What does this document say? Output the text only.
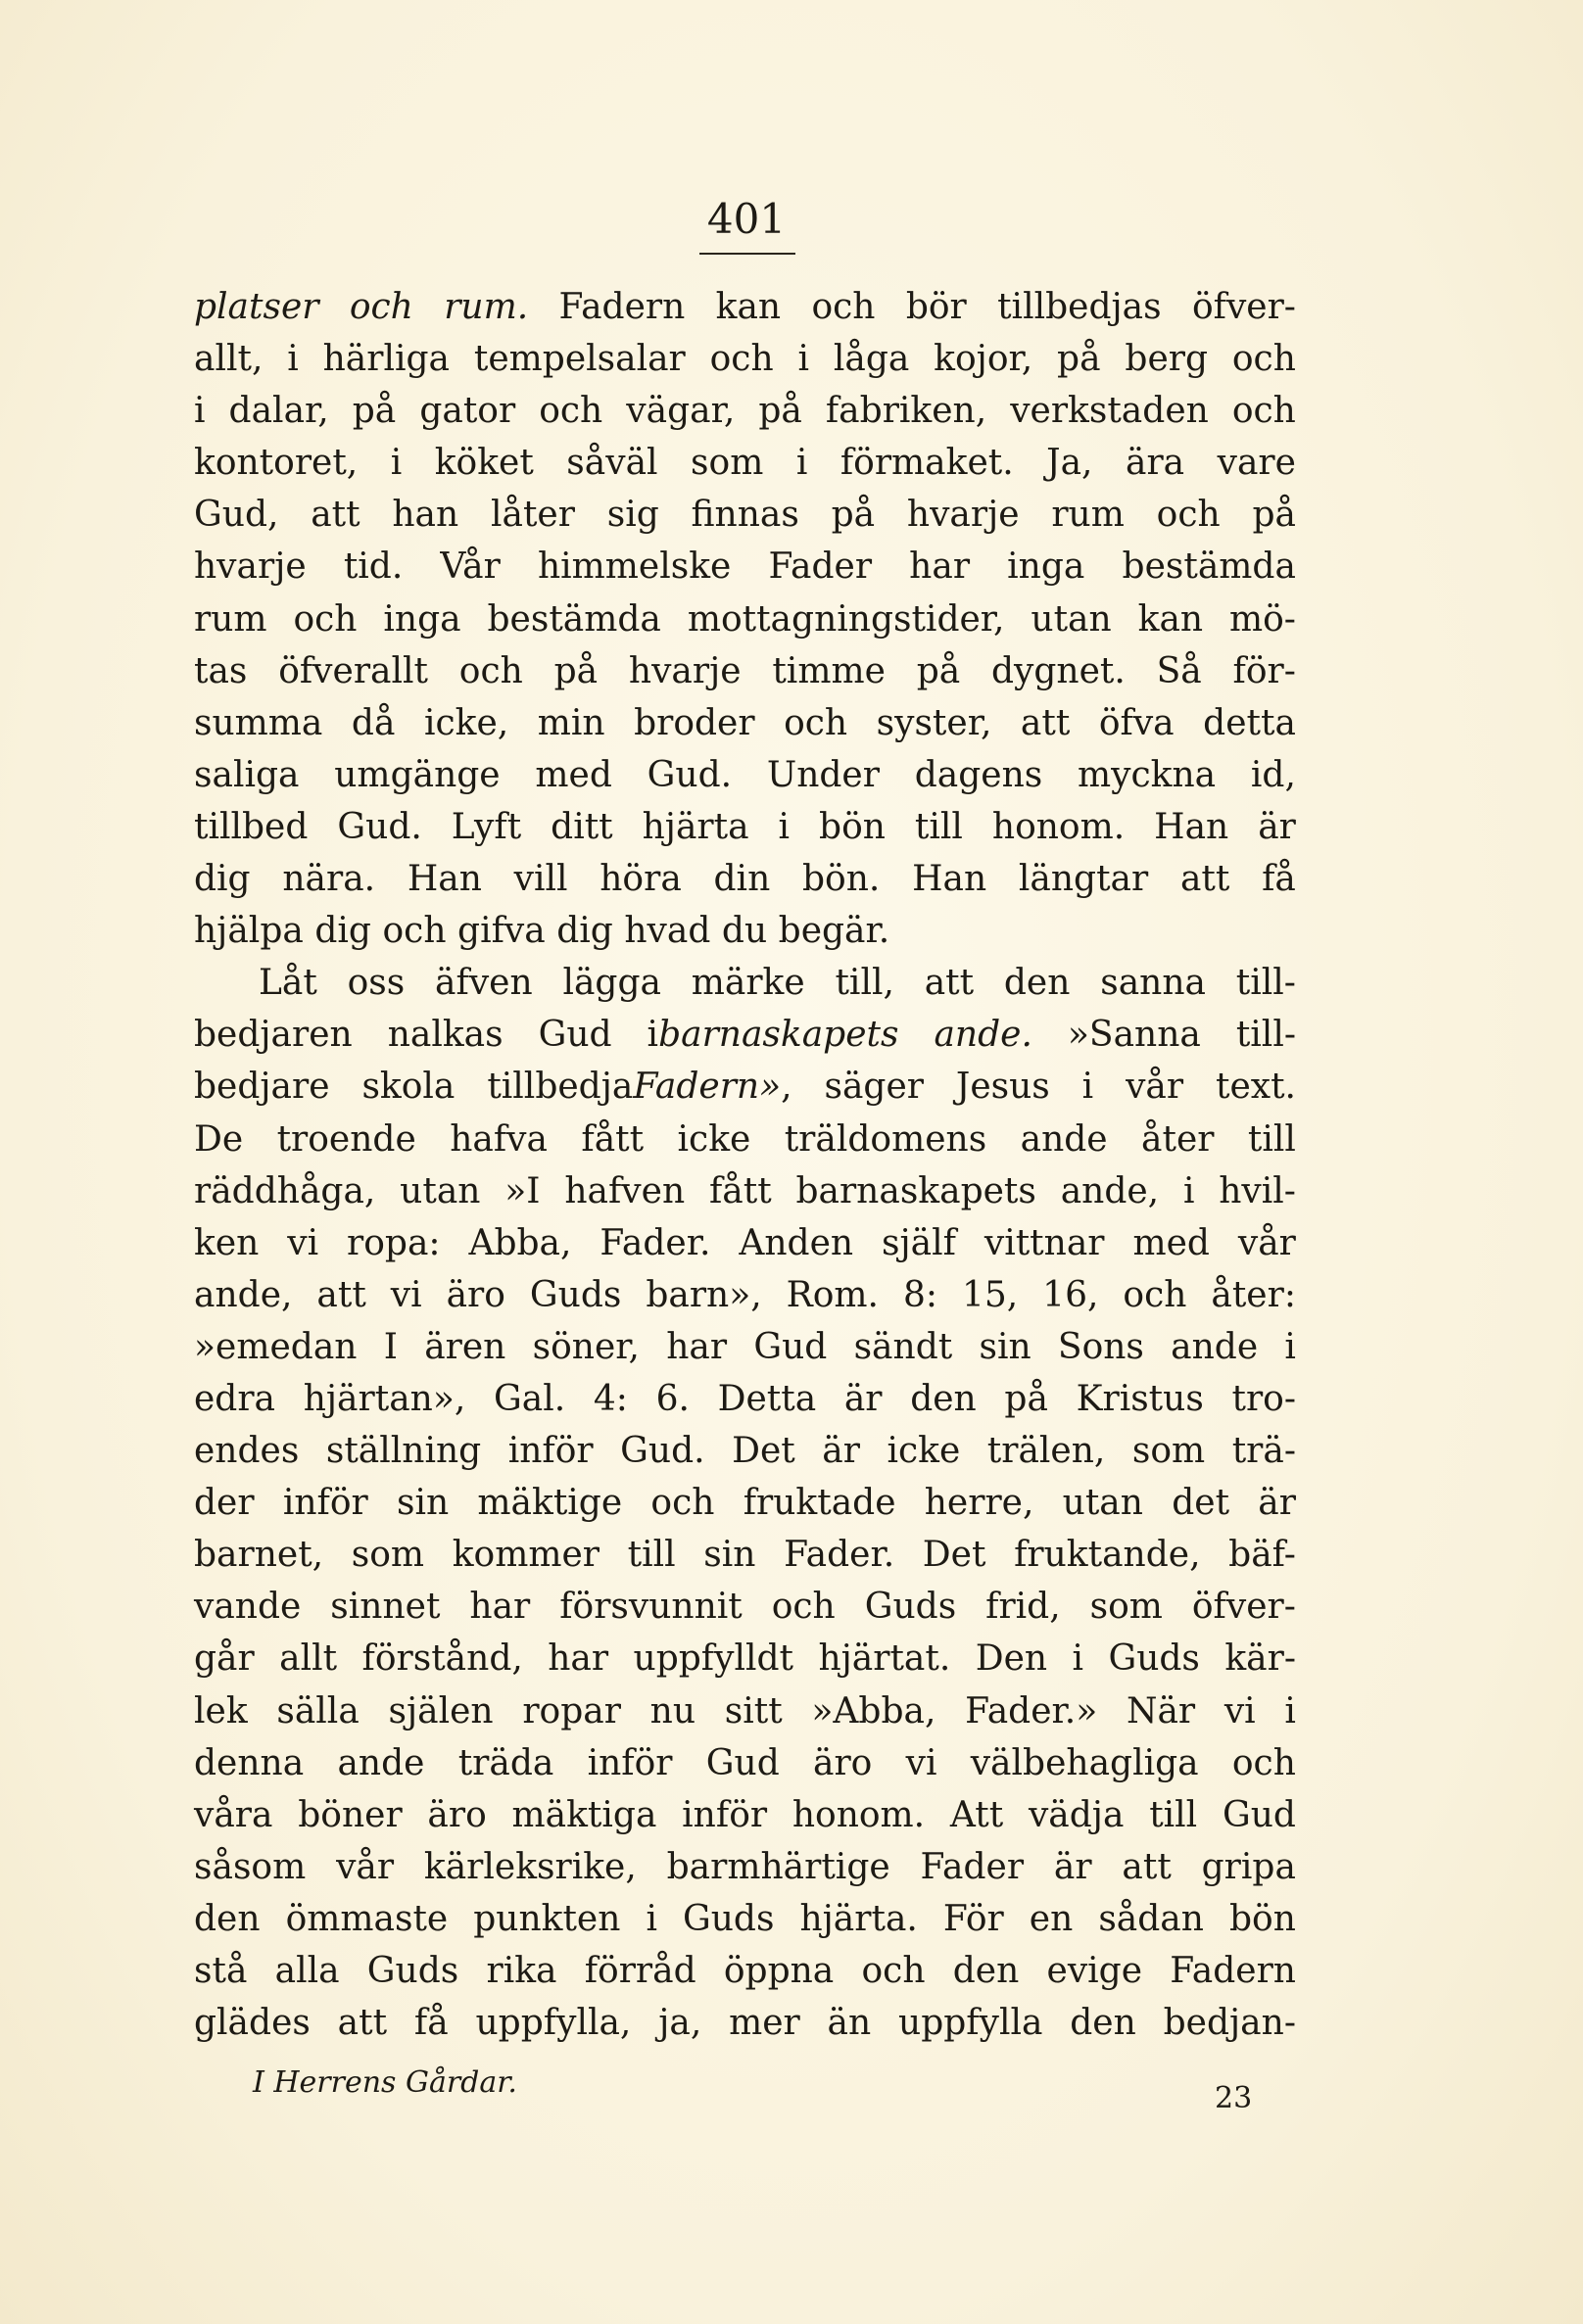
401
platser och rum. Fadern kan och bör tillbedjas öfver-
allt, i härliga tempelsalar och i låga kojor, på berg och
i dalar, på gator och vägar, på fabriken, verkstaden och
kontoret, i köket såväl som i förmaket. Ja, ära vare
Gud, att han låter sig finnas på hvarje rum och på
hvarje tid. Vår himmelske Fader har inga bestämda
rum och inga bestämda mottagningstider, utan kan mö-
tas öfverallt och på hvarje timme på dygnet. Så för-
summa då icke, min broder och syster, att öfva detta
saliga umgänge med Gud. Under dagens myckna id,
tillbed Gud. Lyft ditt hjärta i bön till honom. Han är
dig nära. Han vill höra din bön. Han längtar att få
hjälpa dig och gifva dig hvad du begär.
Låt oss äfven lägga märke till, att den sanna till-
bedjaren nalkas Gud ibarnaskapets ande. »Sanna till-
bedjare skola tillbedjaFadern», säger Jesus i vår text.
De troende hafva fått icke träldomens ande åter till
räddhåga, utan »I hafven fått barnaskapets ande, i hvil-
ken vi ropa: Abba, Fader. Anden själf vittnar med vår
ande, att vi äro Guds barn», Rom. 8: 15, 16, och åter:
»emedan I ären söner, har Gud sändt sin Sons ande i
edra hjärtan», Gal. 4: 6. Detta är den på Kristus tro-
endes ställning inför Gud. Det är icke trälen, som trä-
der inför sin mäktige och fruktade herre, utan det är
barnet, som kommer till sin Fader. Det fruktande, bäf-
vande sinnet har försvunnit och Guds frid, som öfver-
går allt förstånd, har uppfylldt hjärtat. Den i Guds kär-
lek sälla själen ropar nu sitt »Abba, Fader.» När vi i
denna ande träda inför Gud äro vi välbehagliga och
våra böner äro mäktiga inför honom. Att vädja till Gud
såsom vår kärleksrike, barmhärtige Fader är att gripa
den ömmaste punkten i Guds hjärta. För en sådan bön
stå alla Guds rika förråd öppna och den evige Fadern
glädes att få uppfylla, ja, mer än uppfylla den bedjan-
I Herrens Gårdar.	23
